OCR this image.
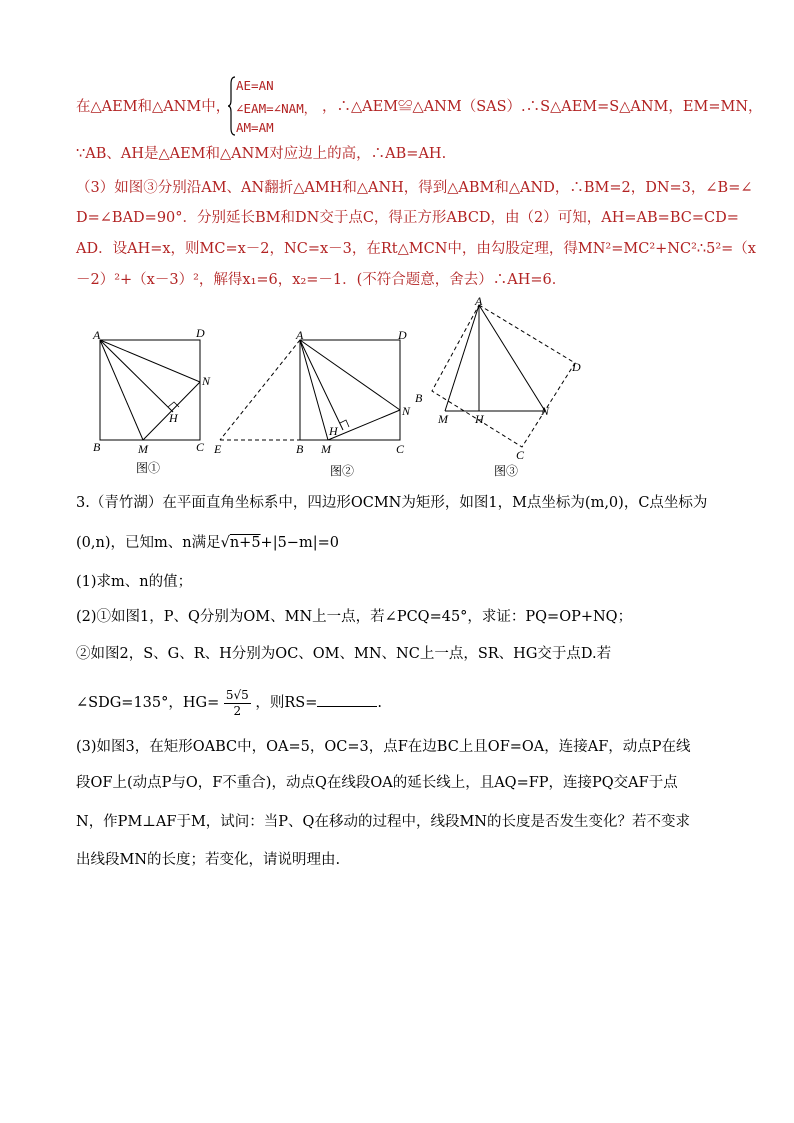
在△AEM和△ANM中，
AE=AN
∠EAM=∠NAM，
AM=AM
，∴△AEM≌△ANM（SAS）.∴S△AEM=S△ANM，EM=MN，
∵AB、AH是△AEM和△ANM对应边上的高，∴AB=AH.
（3）如图③分别沿AM、AN翻折△AMH和△ANH，得到△ABM和△AND，∴BM=2，DN=3，∠B=∠
D=∠BAD=90°．分别延长BM和DN交于点C，得正方形ABCD，由（2）可知，AH=AB=BC=CD=
AD．设AH=x，则MC=x－2，NC=x－3，在Rt△MCN中，由勾股定理，得MN²=MC²+NC²∴5²=（x
－2）²+（x－3）²，解得x₁=6，x₂=－1．(不符合题意，舍去）∴AH=6．
A	D
N
H
B	M	C
图①
A	D
N
H
E	B M	C
图②
A
D
B
M H
N
C
图③
3.（青竹湖）在平面直角坐标系中，四边形OCMN为矩形，如图1，M点坐标为(m,0)，C点坐标为
(0,n)，已知m、n满足√n+5+|5−m|=0
(1)求m、n的值；
(2)①如图1，P、Q分别为OM、MN上一点，若∠PCQ=45°，求证：PQ=OP+NQ；
②如图2，S、G、R、H分别为OC、OM、MN、NC上一点，SR、HG交于点D.若
∠SDG=135°，$HG= \frac{5√5}{2}$ ，则RS=	.
(3)如图3，在矩形OABC中，OA=5，OC=3，点F在边BC上且OF=OA，连接AF，动点P在线
段OF上(动点P与O，F不重合)，动点Q在线段OA的延长线上，且AQ=FP，连接PQ交AF于点
N，作PM⊥AF于M，试问：当P、Q在移动的过程中，线段MN的长度是否发生变化？若不变求
出线段MN的长度；若变化，请说明理由.
